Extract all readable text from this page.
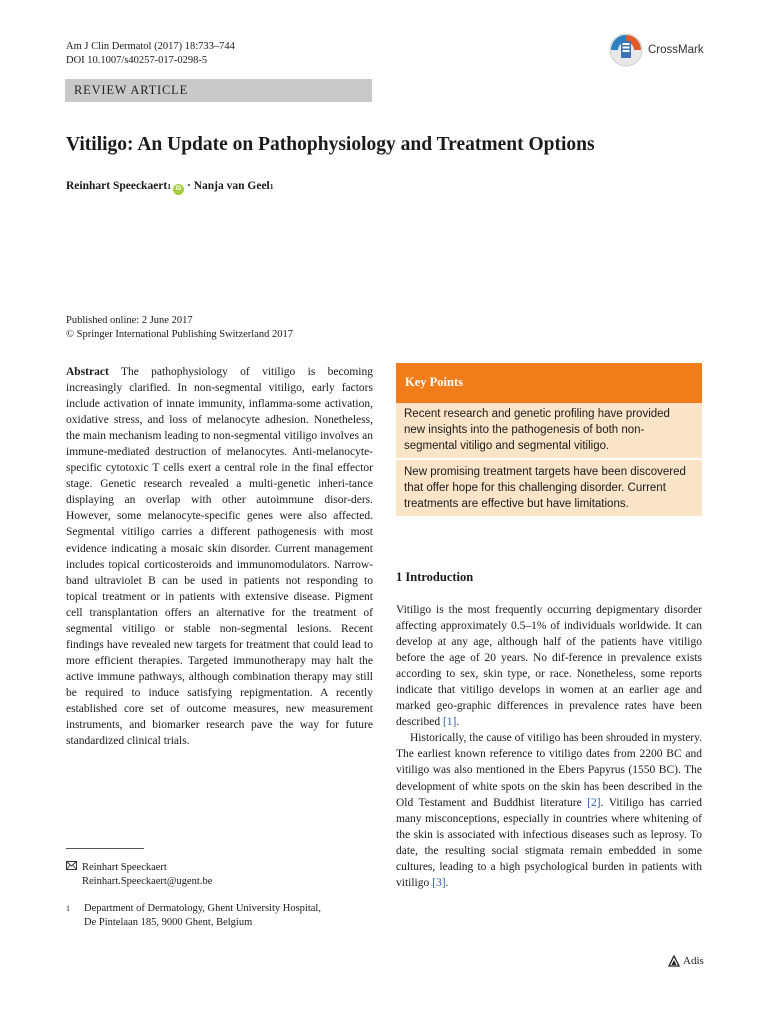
Am J Clin Dermatol (2017) 18:733–744
DOI 10.1007/s40257-017-0298-5
CrossMark
REVIEW ARTICLE
Vitiligo: An Update on Pathophysiology and Treatment Options
Reinhart Speeckaert 1 iD ·
Nanja van Geel 1
Published online: 2 June 2017
© Springer International Publishing Switzerland 2017
Abstract The pathophysiology of vitiligo is becoming increasingly clarified. In non-segmental vitiligo, early factors include activation of innate immunity, inflamma-some activation, oxidative stress, and loss of melanocyte adhesion. Nonetheless, the main mechanism leading to non-segmental vitiligo involves an immune-mediated destruction of melanocytes. Anti-melanocyte-specific cytotoxic T cells exert a central role in the final effector stage. Genetic research revealed a multi-genetic inheri-tance displaying an overlap with other autoimmune disor-ders. However, some melanocyte-specific genes were also affected. Segmental vitiligo carries a different pathogenesis with most evidence indicating a mosaic skin disorder. Current management includes topical corticosteroids and immunomodulators. Narrow-band ultraviolet B can be used in patients not responding to topical treatment or in patients with extensive disease. Pigment cell transplantation offers an alternative for the treatment of segmental vitiligo or stable non-segmental lesions. Recent findings have revealed new targets for treatment that could lead to more efficient therapies. Targeted immunotherapy may halt the active immune pathways, although combination therapy may still be required to induce satisfying repigmentation. A recently established core set of outcome measures, new measurement instruments, and biomarker research pave the way for future standardized clinical trials.
Key Points
Recent research and genetic profiling have provided new insights into the pathogenesis of both non-segmental vitiligo and segmental vitiligo.
New promising treatment targets have been discovered that offer hope for this challenging disorder. Current treatments are effective but have limitations.
1 Introduction

Vitiligo is the most frequently occurring depigmentary disorder affecting approximately 0.5–1% of individuals worldwide. It can develop at any age, although half of the patients have vitiligo before the age of 20 years. No dif-ference in prevalence exists according to sex, skin type, or race. Nonetheless, some reports indicate that vitiligo develops in women at an earlier age and marked geo-graphic differences in prevalence rates have been described [1].

Historically, the cause of vitiligo has been shrouded in mystery. The earliest known reference to vitiligo dates from 2200 BC and vitiligo was also mentioned in the Ebers Papyrus (1550 BC). The development of white spots on the skin has been described in the Old Testament and Buddhist literature [2]. Vitiligo has carried many misconceptions, especially in countries where whitening of the skin is associated with infectious diseases such as leprosy. To date, the resulting social stigmata remain embedded in some cultures, leading to a high psychological burden in patients with vitiligo [3].

Reinhart Speeckaert
Reinhart.Speeckaert@ugent.be
1	Department of Dermatology, Ghent University Hospital,
De Pintelaan 185, 9000 Ghent, Belgium
Adis
